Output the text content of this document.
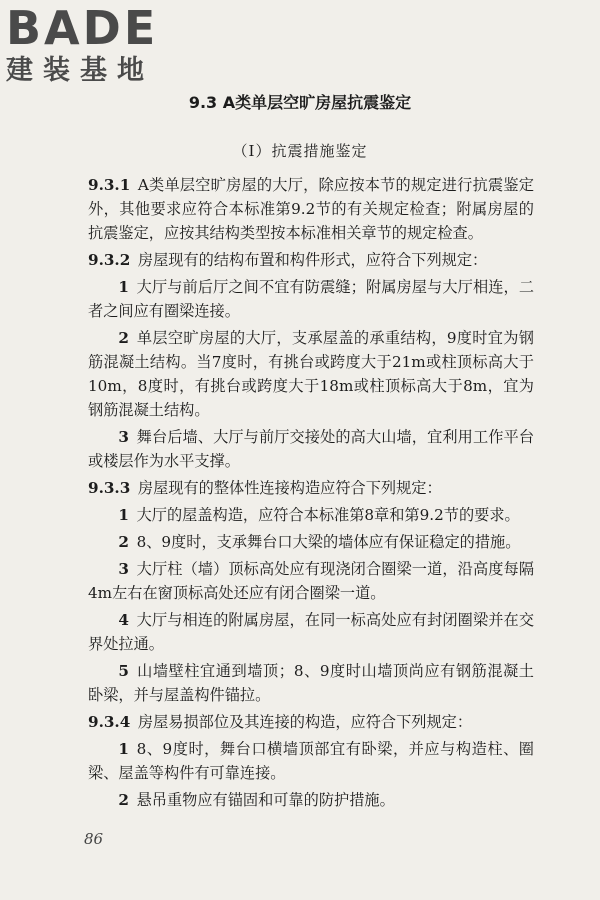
BADE
建装基地
9.3 A类单层空旷房屋抗震鉴定
（Ⅰ）抗震措施鉴定

9.3.1  A类单层空旷房屋的大厅，除应按本节的规定进行抗震鉴定外，其他要求应符合本标准第9.2节的有关规定检查；附属房屋的抗震鉴定，应按其结构类型按本标准相关章节的规定检查。

9.3.2  房屋现有的结构布置和构件形式，应符合下列规定：

1  大厅与前后厅之间不宜有防震缝；附属房屋与大厅相连，二者之间应有圈梁连接。

2  单层空旷房屋的大厅，支承屋盖的承重结构，9度时宜为钢筋混凝土结构。当7度时，有挑台或跨度大于21m或柱顶标高大于10m，8度时，有挑台或跨度大于18m或柱顶标高大于8m，宜为钢筋混凝土结构。

3  舞台后墙、大厅与前厅交接处的高大山墙，宜利用工作平台或楼层作为水平支撑。

9.3.3  房屋现有的整体性连接构造应符合下列规定：

1  大厅的屋盖构造，应符合本标准第8章和第9.2节的要求。

2  8、9度时，支承舞台口大梁的墙体应有保证稳定的措施。

3  大厅柱（墙）顶标高处应有现浇闭合圈梁一道，沿高度每隔4m左右在窗顶标高处还应有闭合圈梁一道。

4  大厅与相连的附属房屋，在同一标高处应有封闭圈梁并在交界处拉通。

5  山墙壁柱宜通到墙顶；8、9度时山墙顶尚应有钢筋混凝土卧梁，并与屋盖构件锚拉。

9.3.4  房屋易损部位及其连接的构造，应符合下列规定：

1  8、9度时，舞台口横墙顶部宜有卧梁，并应与构造柱、圈梁、屋盖等构件有可靠连接。

2  悬吊重物应有锚固和可靠的防护措施。

86
